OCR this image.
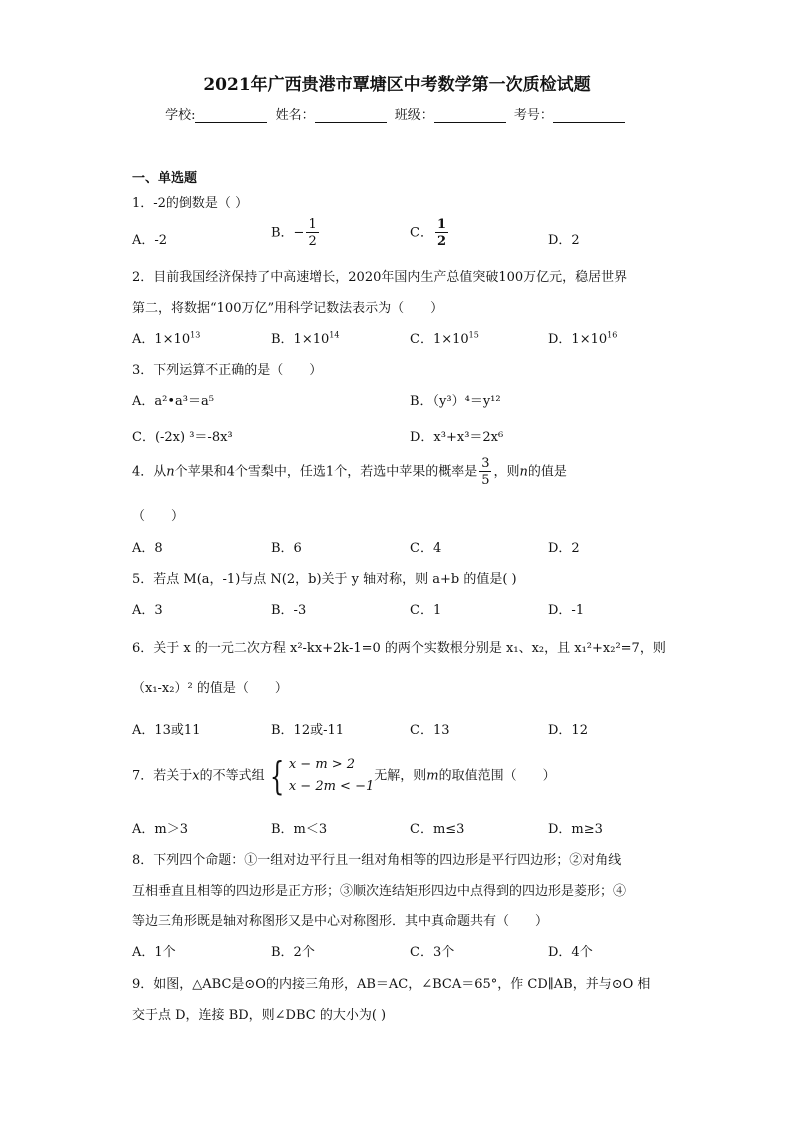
2021年广西贵港市覃塘区中考数学第一次质检试题
学校:	姓名：	班级：	考号：
一、单选题
1．-2的倒数是（ ）
A．-2	B．− $\frac{1}{2}$	C． $\frac{1}{2}$	D．2
2．目前我国经济保持了中高速增长，2020年国内生产总值突破100万亿元，稳居世界
第二，将数据“100万亿”用科学记数法表示为（　　）
A．$1\times 10^{13}$	B．$1\times 10^{14}$	C．$1\times 10^{15}$	D．$1\times 10^{16}$
3．下列运算不正确的是（　　）
A．a²•a³＝a⁵	B．（y³）⁴＝y¹²
C．(-2x) ³＝-8x³	D．x³+x³＝2x⁶
4．从n个苹果和4个雪梨中，任选1个，若选中苹果的概率是 $\frac{3}{5}$ ，则n的值是
（　　）
A．8	B．6	C．4	D．2
5．若点 M(a，-1)与点 N(2，b)关于 y 轴对称，则 a+b 的值是( )
A．3	B．-3	C．1	D．-1
6．关于 x 的一元二次方程 x²-kx+2k-1=0 的两个实数根分别是 x₁、x₂，且 x₁²+x₂²=7，则
（x₁-x₂）² 的值是（　　）
A．13或11	B．12或-11	C．13	D．12
7．若关于x的不等式组 { x − m > 2
x − 2m < −1
无解，则m的取值范围（　　）
A．m＞3	B．m＜3	C．m≤3	D．m≥3
8．下列四个命题：①一组对边平行且一组对角相等的四边形是平行四边形；②对角线
互相垂直且相等的四边形是正方形；③顺次连结矩形四边中点得到的四边形是菱形；④
等边三角形既是轴对称图形又是中心对称图形．其中真命题共有（　　）
A．1个	B．2个	C．3个	D．4个
9．如图，△ABC是⊙O的内接三角形，AB＝AC，∠BCA＝65°，作 CD∥AB，并与⊙O 相
交于点 D，连接 BD，则∠DBC 的大小为( )
